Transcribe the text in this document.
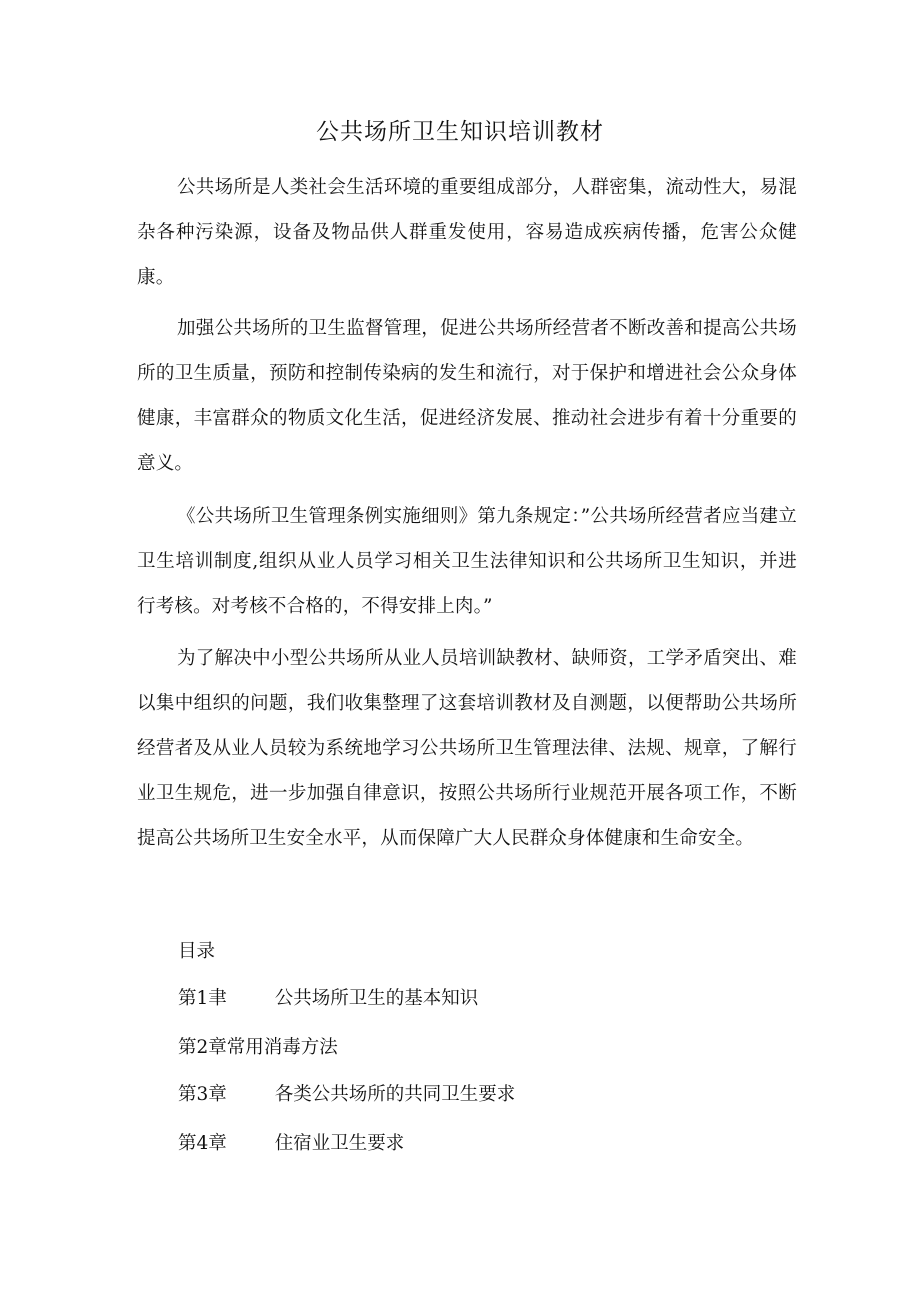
公共场所卫生知识培训教材

公共场所是人类社会生活环境的重要组成部分，人群密集，流动性大，易混杂各种污染源，设备及物品供人群重发使用，容易造成疾病传播，危害公众健康。

加强公共场所的卫生监督管理，促进公共场所经营者不断改善和提高公共场所的卫生质量，预防和控制传染病的发生和流行，对于保护和增进社会公众身体健康，丰富群众的物质文化生活，促进经济发展、推动社会进步有着十分重要的意义。

《公共场所卫生管理条例实施细则》第九条规定：”公共场所经营者应当建立卫生培训制度,组织从业人员学习相关卫生法律知识和公共场所卫生知识，并进行考核。对考核不合格的，不得安排上肉。”

为了解决中小型公共场所从业人员培训缺教材、缺师资，工学矛盾突出、难以集中组织的问题，我们收集整理了这套培训教材及自测题，以便帮助公共场所经营者及从业人员较为系统地学习公共场所卫生管理法律、法规、规章，了解行业卫生规危，进一步加强自律意识，按照公共场所行业规范开展各项工作，不断提高公共场所卫生安全水平，从而保障广大人民群众身体健康和生命安全。

目录
第1聿	公共场所卫生的基本知识
第2章常用消毒方法
第3章	各类公共场所的共同卫生要求
第4章	住宿业卫生要求
